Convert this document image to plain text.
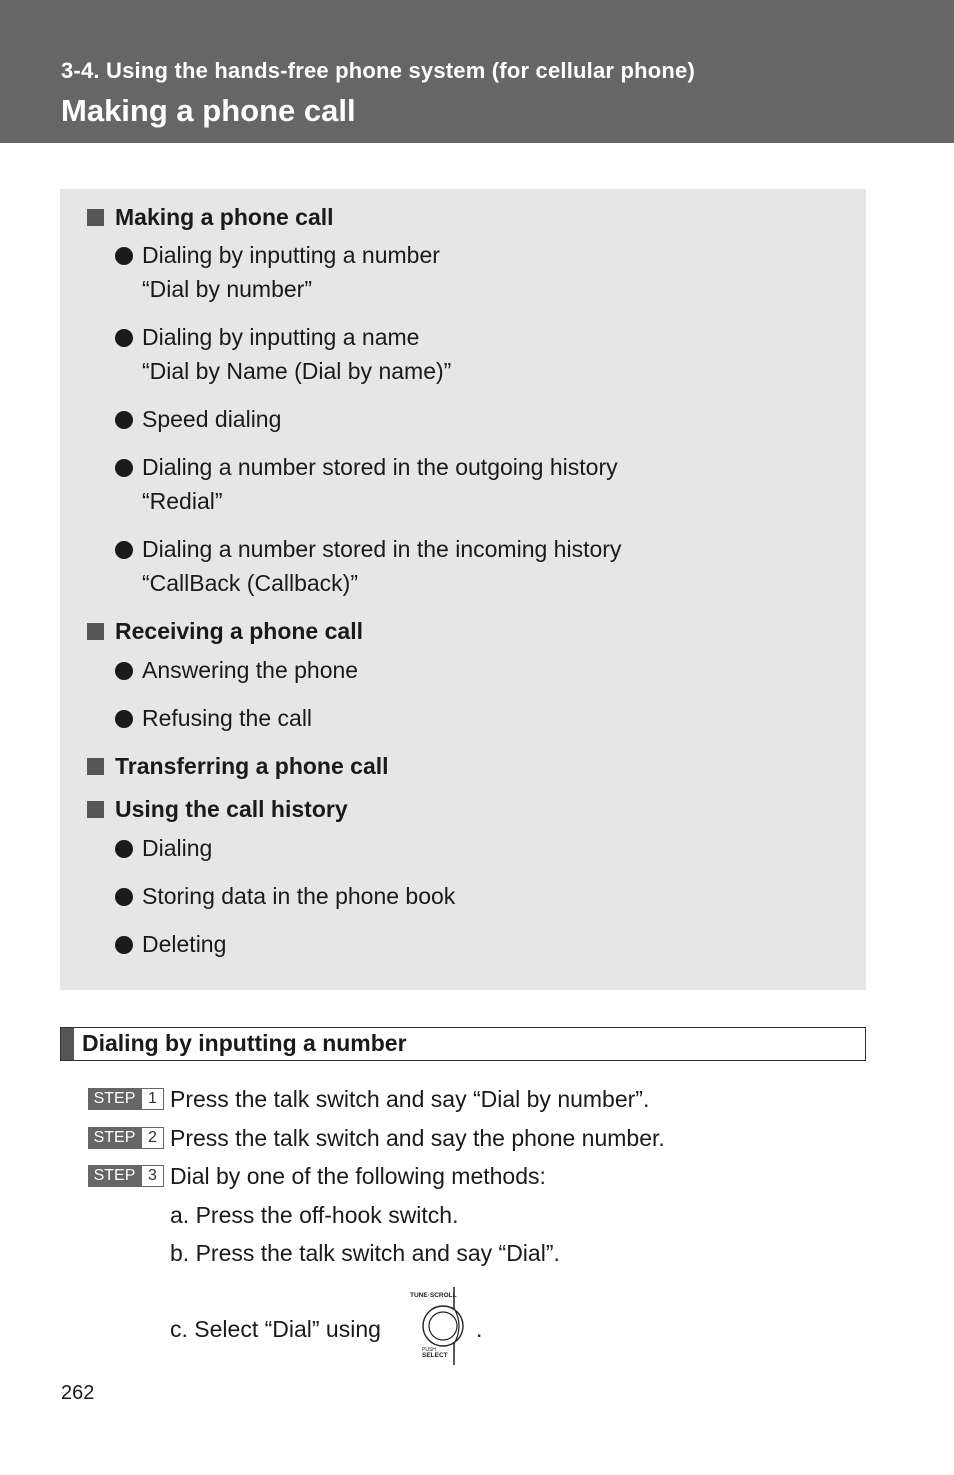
3-4. Using the hands-free phone system (for cellular phone)
Making a phone call
Making a phone call
Dialing by inputting a number
“Dial by number”
Dialing by inputting a name
“Dial by Name (Dial by name)”
Speed dialing
Dialing a number stored in the outgoing history
“Redial”
Dialing a number stored in the incoming history
“CallBack (Callback)”
Receiving a phone call
Answering the phone
Refusing the call
Transferring a phone call
Using the call history
Dialing
Storing data in the phone book
Deleting
Dialing by inputting a number
STEP 1 Press the talk switch and say “Dial by number”.
STEP 2 Press the talk switch and say the phone number.
STEP 3 Dial by one of the following methods:
a. Press the off-hook switch.
b. Press the talk switch and say “Dial”.
c. Select “Dial” using
TUNE·SCROLL
PUSH
SELECT
.
262
